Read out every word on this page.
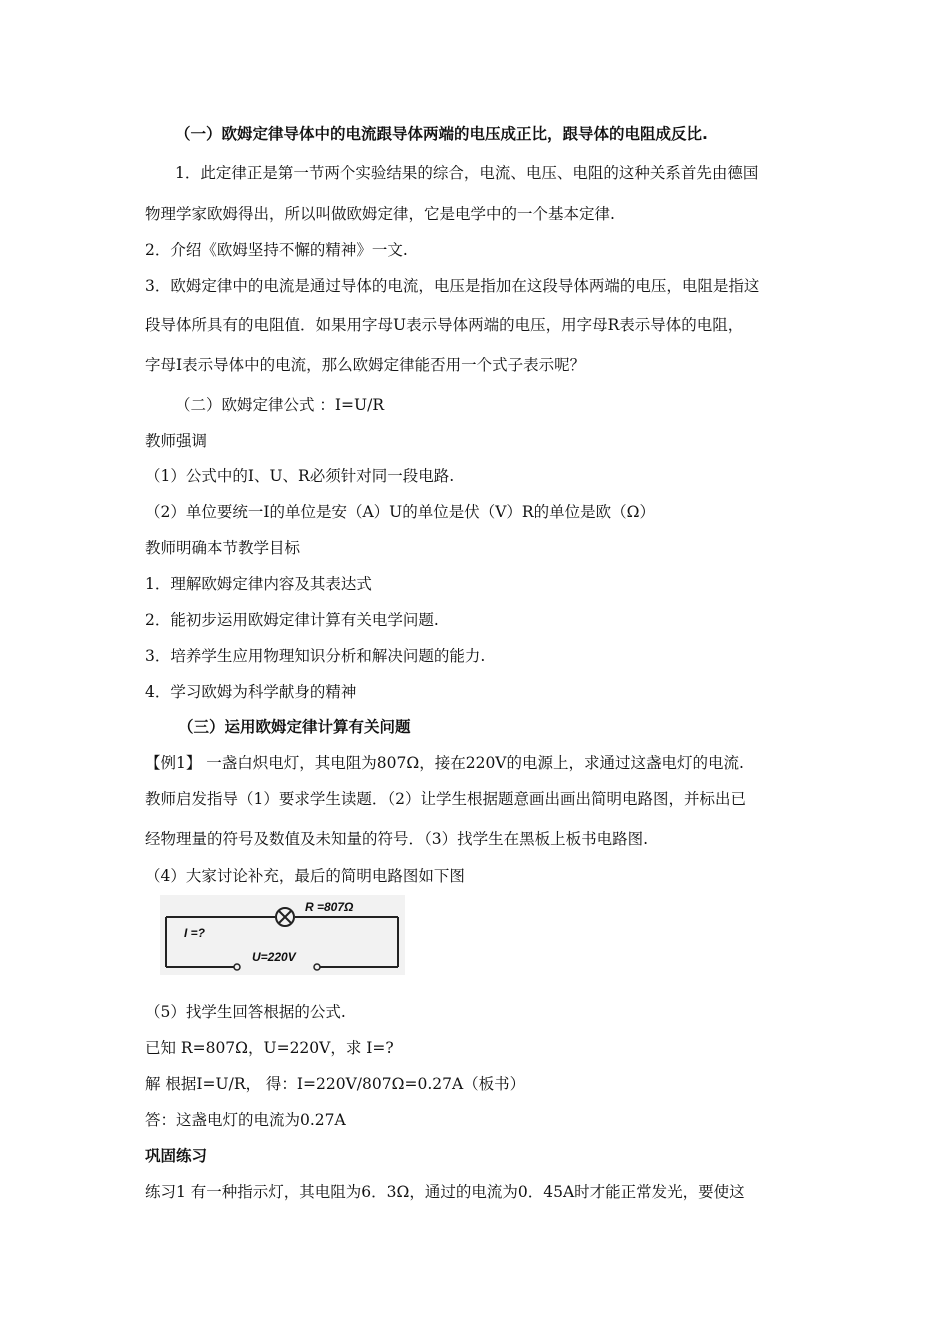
（一）欧姆定律导体中的电流跟导体两端的电压成正比，跟导体的电阻成反比.
1．此定律正是第一节两个实验结果的综合，电流、电压、电阻的这种关系首先由德国
物理学家欧姆得出，所以叫做欧姆定律，它是电学中的一个基本定律.
2．介绍《欧姆坚持不懈的精神》一文.
3．欧姆定律中的电流是通过导体的电流，电压是指加在这段导体两端的电压，电阻是指这
段导体所具有的电阻值．如果用字母U表示导体两端的电压，用字母R表示导体的电阻，
字母I表示导体中的电流，那么欧姆定律能否用一个式子表示呢？
（二）欧姆定律公式 ：I=U/R
教师强调
（1）公式中的I、U、R必须针对同一段电路.
（2）单位要统一I的单位是安（A）U的单位是伏（V）R的单位是欧（Ω）
教师明确本节教学目标
1．理解欧姆定律内容及其表达式
2．能初步运用欧姆定律计算有关电学问题.
3．培养学生应用物理知识分析和解决问题的能力.
4．学习欧姆为科学献身的精神
（三）运用欧姆定律计算有关问题
【例1】 一盏白炽电灯，其电阻为807Ω，接在220V的电源上，求通过这盏电灯的电流.
教师启发指导（1）要求学生读题．（2）让学生根据题意画出画出简明电路图，并标出已
经物理量的符号及数值及未知量的符号．（3）找学生在黑板上板书电路图.
（4）大家讨论补充，最后的简明电路图如下图
R =807Ω
I =?
U=220V
（5）找学生回答根据的公式.
已知 R=807Ω，U=220V，求 I=?
解 根据I=U/R， 得：I=220V/807Ω=0.27A（板书）
答：这盏电灯的电流为0.27A
巩固练习
练习1 有一种指示灯，其电阻为6．3Ω，通过的电流为0．45A时才能正常发光，要使这
